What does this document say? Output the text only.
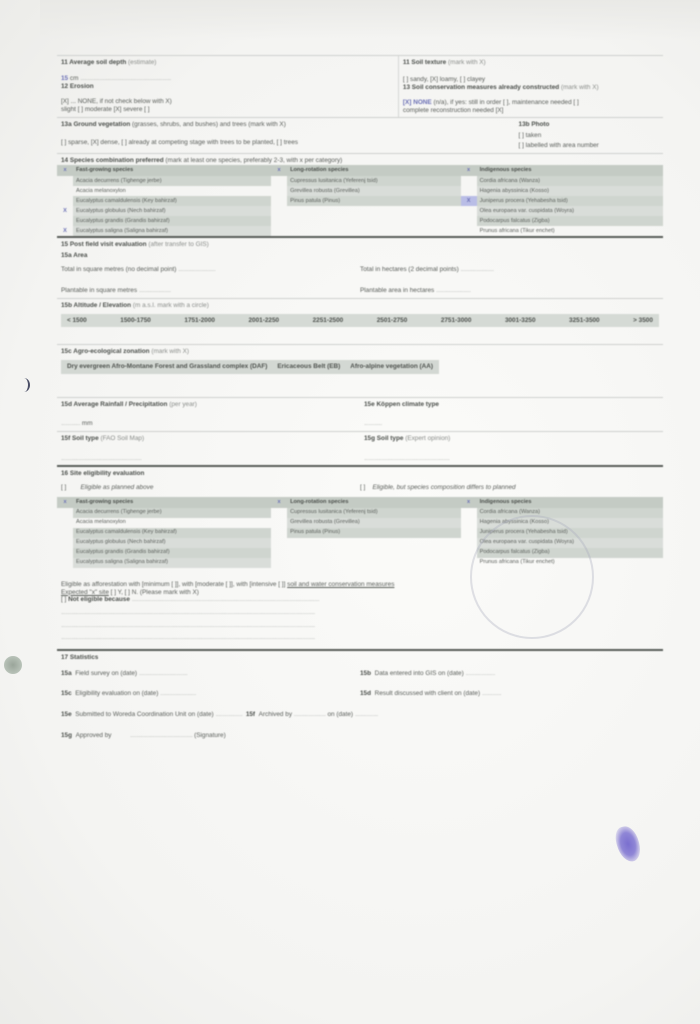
11 Average soil depth (estimate)
15 cm .......................................................................
12 Erosion
[X] ... NONE, if not check below with X)
slight [ ] moderate [X] severe [ ]
11 Soil texture (mark with X)
[ ] sandy, [X] loamy, [ ] clayey
13 Soil conservation measures already constructed (mark with X)
[X] NONE (n/a), if yes: still in order [ ], maintenance needed [ ]
complete reconstruction needed [X]
13a Ground vegetation (grasses, shrubs, and bushes) and trees (mark with X)
[ ] sparse, [X] dense, [ ] already at competing stage with trees to be planted, [ ] trees
13b Photo
[ ] taken
[ ] labelled with area number
14 Species combination preferred (mark at least one species, preferably 2-3, with x per category)
x	Fast-growing species	x	Long-rotation species	x	Indigenous species
	Acacia decurrens (Tighenge jerbe)		Cupressus lusitanica (Yeferenj tsid)		Cordia africana (Wanza)
	Acacia melanoxylon		Grevillea robusta (Grevillea)		Hagenia abyssinica (Kosso)
	Eucalyptus camaldulensis (Key bahirzaf)		Pinus patula (Pinus)	X	Juniperus procera (Yehabesha tsid)
X	Eucalyptus globulus (Nech bahirzaf)				Olea europaea var. cuspidata (Woyra)
	Eucalyptus grandis (Grandis bahirzaf)				Podocarpus falcatus (Zigba)
X	Eucalyptus saligna (Saligna bahirzaf)				Prunus africana (Tikur enchet)
15 Post field visit evaluation (after transfer to GIS)
15a Area
Total in square metres (no decimal point) .............................	Total in hectares (2 decimal points) ..........................
Plantable in square metres .........................	Plantable area in hectares ...........................
15b Altitude / Elevation (m a.s.l. mark with a circle)
< 1500	1500-1750	1751-2000	2001-2250	2251-2500	2501-2750	2751-3000	3001-3250	3251-3500	> 3500
15c Agro-ecological zonation (mark with X)
Dry evergreen Afro-Montane Forest and Grassland complex (DAF) Ericaceous Belt (EB) Afro-alpine vegetation (AA)
15d Average Rainfall / Precipitation (per year)
............... mm
15e Köppen climate type
..............
15f Soil type (FAO Soil Map)
...............................................................
15g Soil type (Expert opinion)
...................................................................
16 Site eligibility evaluation
[ ] Eligible as planned above	[ ] Eligible, but species composition differs to planned
x	Fast-growing species	x	Long-rotation species	x	Indigenous species
	Acacia decurrens (Tighenge jerbe)		Cupressus lusitanica (Yeferenj tsid)		Cordia africana (Wanza)
	Acacia melanoxylon		Grevillea robusta (Grevillea)		Hagenia abyssinica (Kosso)
	Eucalyptus camaldulensis (Key bahirzaf)		Pinus patula (Pinus)		Juniperus procera (Yehabesha tsid)
	Eucalyptus globulus (Nech bahirzaf)				Olea europaea var. cuspidata (Woyra)
	Eucalyptus grandis (Grandis bahirzaf)				Podocarpus falcatus (Zigba)
	Eucalyptus saligna (Saligna bahirzaf)				Prunus africana (Tikur enchet)
Eligible as afforestation with [minimum [ ]], with [moderate [ ]], with [intensive [ ]] soil and water conservation measures
Expected "x" site [ ] Y, [ ] N. (Please mark with X)
[ ] Not eligible because ...................................................................................................................................................
.......................................................................................................................................................................................................
.......................................................................................................................................................................................................
.......................................................................................................................................................................................................
17 Statistics
15a Field survey on (date) ......................................	15b Data entered into GIS on (date) .......................
15c Eligibility evaluation on (date) ............................	15d Result discussed with client on (date) ...............
15e Submitted to Woreda Coordination Unit on (date) ..................... 15f Archived by ......................... on (date) ..................
15g Approved by              ................................................. (Signature)
